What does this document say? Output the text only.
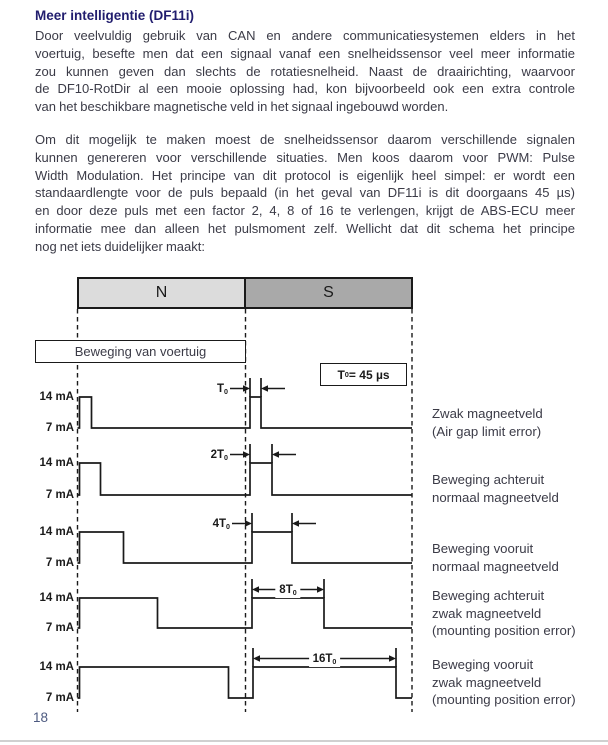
Meer intelligentie (DF11i)
Door veelvuldig gebruik van CAN en andere communicatiesystemen elders in het
voertuig, besefte men dat een signaal vanaf een snelheidssensor veel meer informatie
zou kunnen geven dan slechts de rotatiesnelheid. Naast de draairichting, waarvoor
de DF10-RotDir al een mooie oplossing had, kon bijvoorbeeld ook een extra controle
van het beschikbare magnetische veld in het signaal ingebouwd worden.
Om dit mogelijk te maken moest de snelheidssensor daarom verschillende signalen
kunnen genereren voor verschillende situaties. Men koos daarom voor PWM: Pulse
Width Modulation. Het principe van dit protocol is eigenlijk heel simpel: er wordt een
standaardlengte voor de puls bepaald (in het geval van DF11i is dit doorgaans 45 µs)
en door deze puls met een factor 2, 4, 8 of 16 te verlengen, krijgt de ABS-ECU meer
informatie mee dan alleen het pulsmoment zelf. Wellicht dat dit schema het principe
nog net iets duidelijker maakt:
N	S
Beweging van voertuig
T 0 = 45 µs
14 mA
7 mA
$T_0$
Zwak magneetveld
(Air gap limit error)
14 mA
7 mA
$2T_0$
Beweging achteruit
normaal magneetveld
14 mA
7 mA
$4T_0$
Beweging vooruit
normaal magneetveld
14 mA
7 mA
$8T_0$	Beweging achteruit
zwak magneetveld
(mounting position error)
14 mA
7 mA
$16T_0$	Beweging vooruit
zwak magneetveld
(mounting position error)
18
